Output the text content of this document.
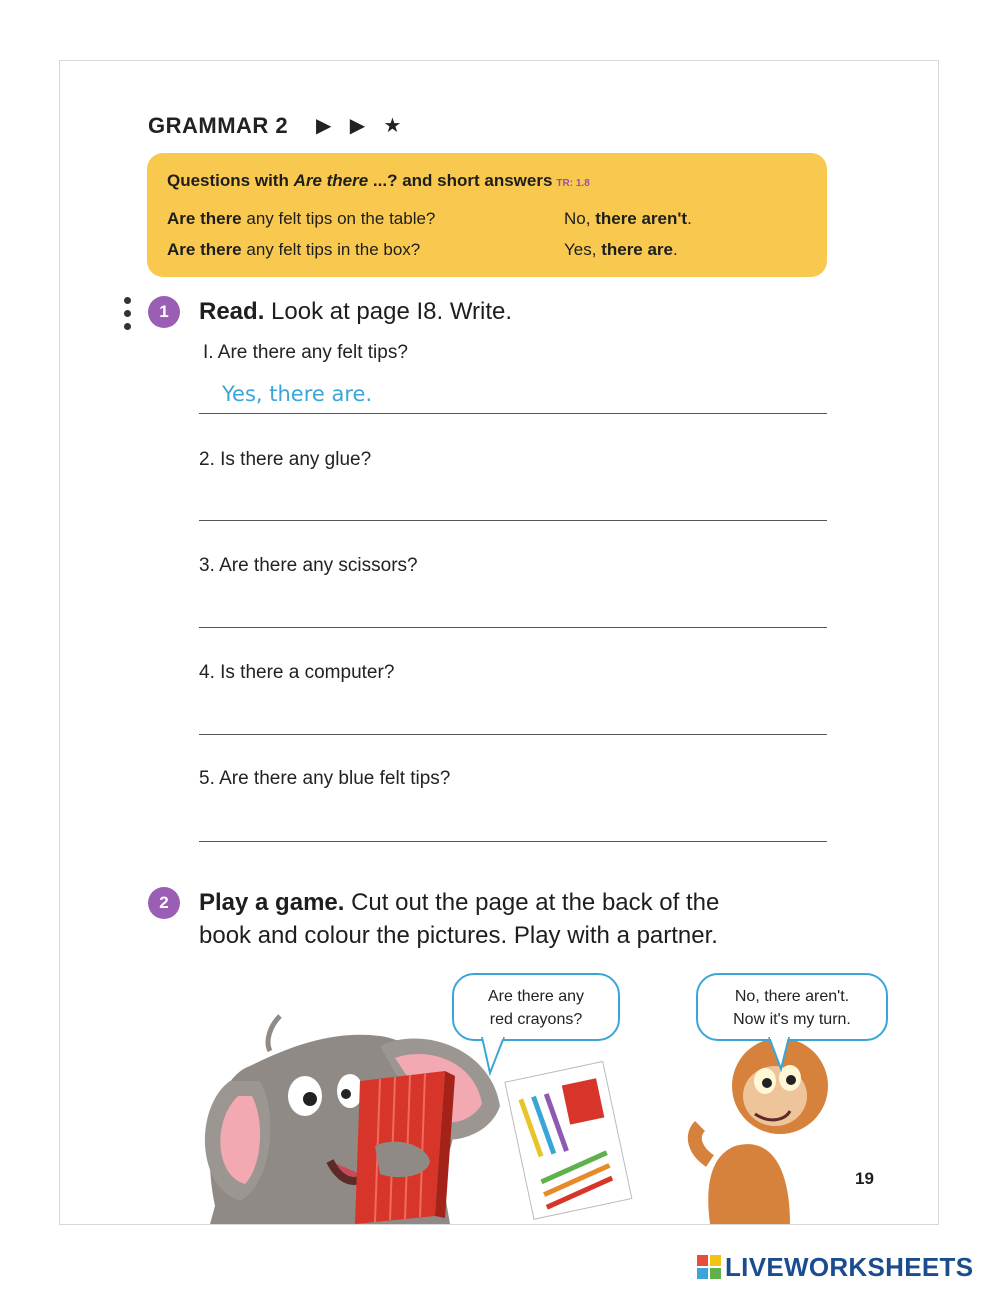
GRAMMAR 2 ▶ ▶ ★
Questions with Are there ...? and short answers TR: 1.8
Are there any felt tips on the table?	No, there aren't.
Are there any felt tips in the box?	Yes, there are.
1	Read. Look at page I8. Write.
I. Are there any felt tips?
Yes, there are.
2. Is there any glue?
3. Are there any scissors?
4. Is there a computer?
5. Are there any blue felt tips?
2	Play a game. Cut out the page at the back of the
book and colour the pictures. Play with a partner.
Are there any
red crayons?
No, there aren't.
Now it's my turn.
19
LIVEWORKSHEETS
